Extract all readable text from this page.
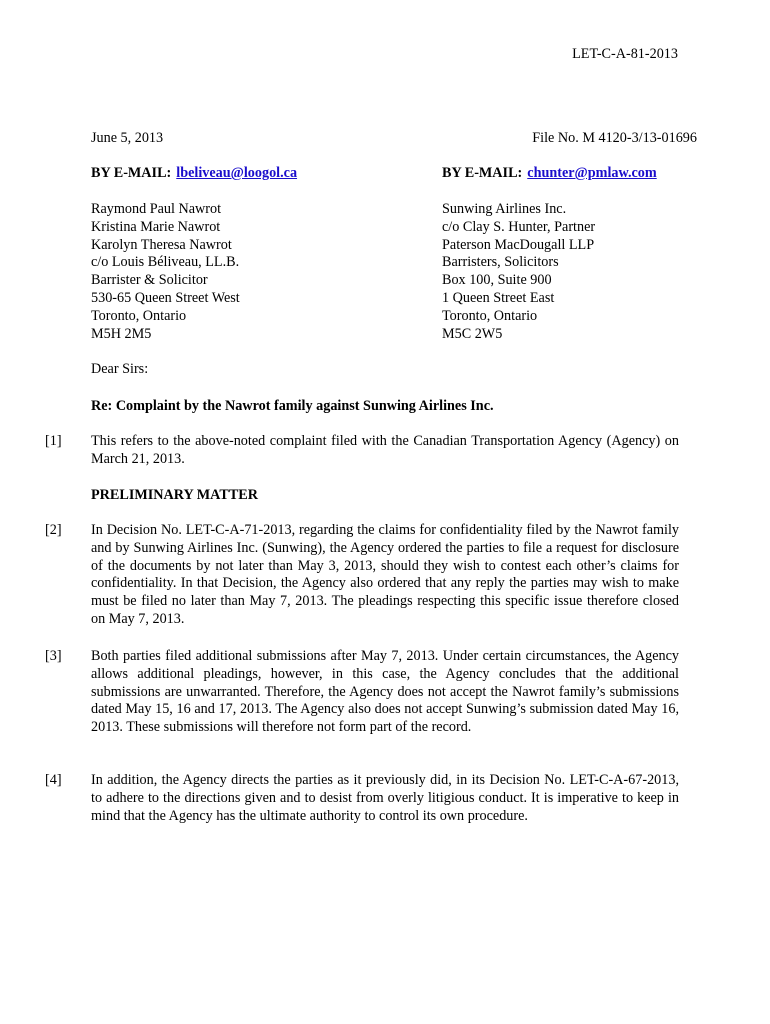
LET-C-A-81-2013
June 5, 2013	File No. M 4120-3/13-01696
BY E-MAIL: lbeliveau@loogol.ca	BY E-MAIL: chunter@pmlaw.com
Raymond Paul Nawrot
Kristina Marie Nawrot
Karolyn Theresa Nawrot
c/o Louis Béliveau, LL.B.
Barrister & Solicitor
530-65 Queen Street West
Toronto, Ontario
M5H 2M5
Sunwing Airlines Inc.
c/o Clay S. Hunter, Partner
Paterson MacDougall LLP
Barristers, Solicitors
Box 100, Suite 900
1 Queen Street East
Toronto, Ontario
M5C 2W5
Dear Sirs:
Re: Complaint by the Nawrot family against Sunwing Airlines Inc.
[1] This refers to the above-noted complaint filed with the Canadian Transportation Agency (Agency) on March 21, 2013.
PRELIMINARY MATTER
[2] In Decision No. LET-C-A-71-2013, regarding the claims for confidentiality filed by the Nawrot family and by Sunwing Airlines Inc. (Sunwing), the Agency ordered the parties to file a request for disclosure of the documents by not later than May 3, 2013, should they wish to contest each other’s claims for confidentiality. In that Decision, the Agency also ordered that any reply the parties may wish to make must be filed no later than May 7, 2013. The pleadings respecting this specific issue therefore closed on May 7, 2013.
[3] Both parties filed additional submissions after May 7, 2013. Under certain circumstances, the Agency allows additional pleadings, however, in this case, the Agency concludes that the additional submissions are unwarranted. Therefore, the Agency does not accept the Nawrot family’s submissions dated May 15, 16 and 17, 2013. The Agency also does not accept Sunwing’s submission dated May 16, 2013. These submissions will therefore not form part of the record.
[4] In addition, the Agency directs the parties as it previously did, in its Decision No. LET-C-A-67-2013, to adhere to the directions given and to desist from overly litigious conduct. It is imperative to keep in mind that the Agency has the ultimate authority to control its own procedure.
